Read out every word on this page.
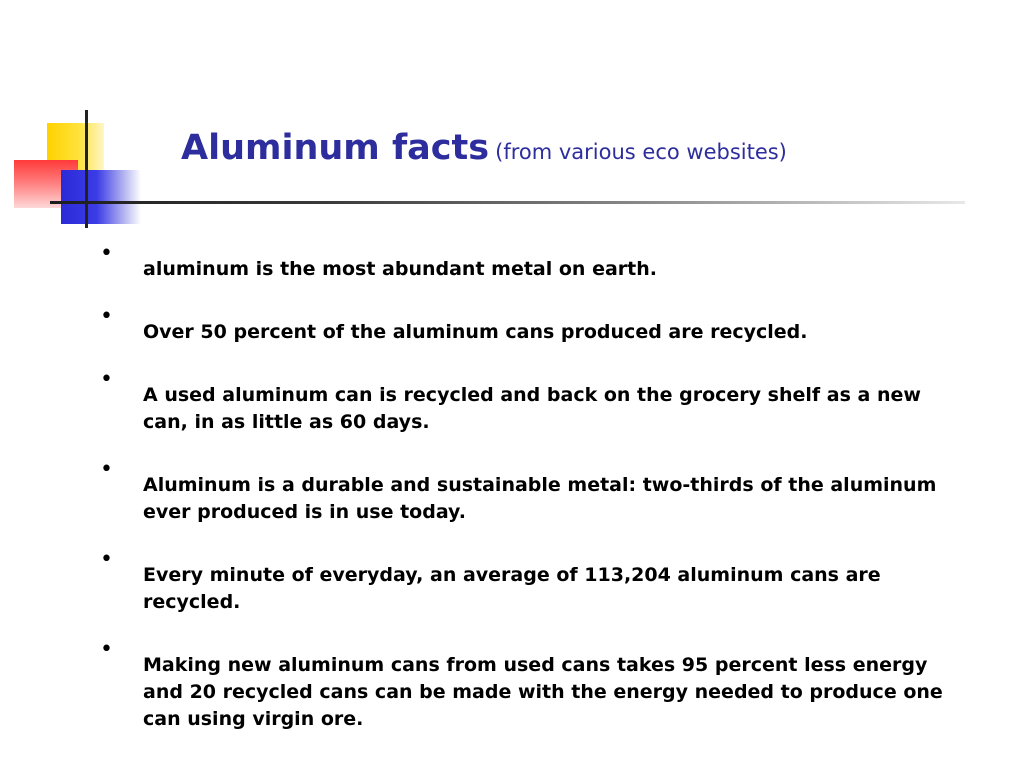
Aluminum facts (from various eco websites)
•
aluminum is the most abundant metal on earth.
•
Over 50 percent of the aluminum cans produced are recycled.
•
A used aluminum can is recycled and back on the grocery shelf as a new can, in as little as 60 days.
•
Aluminum is a durable and sustainable metal: two-thirds of the aluminum ever produced is in use today.
•
Every minute of everyday, an average of 113,204 aluminum cans are recycled.
•
Making new aluminum cans from used cans takes 95 percent less energy and 20 recycled cans can be made with the energy needed to produce one can using virgin ore.
